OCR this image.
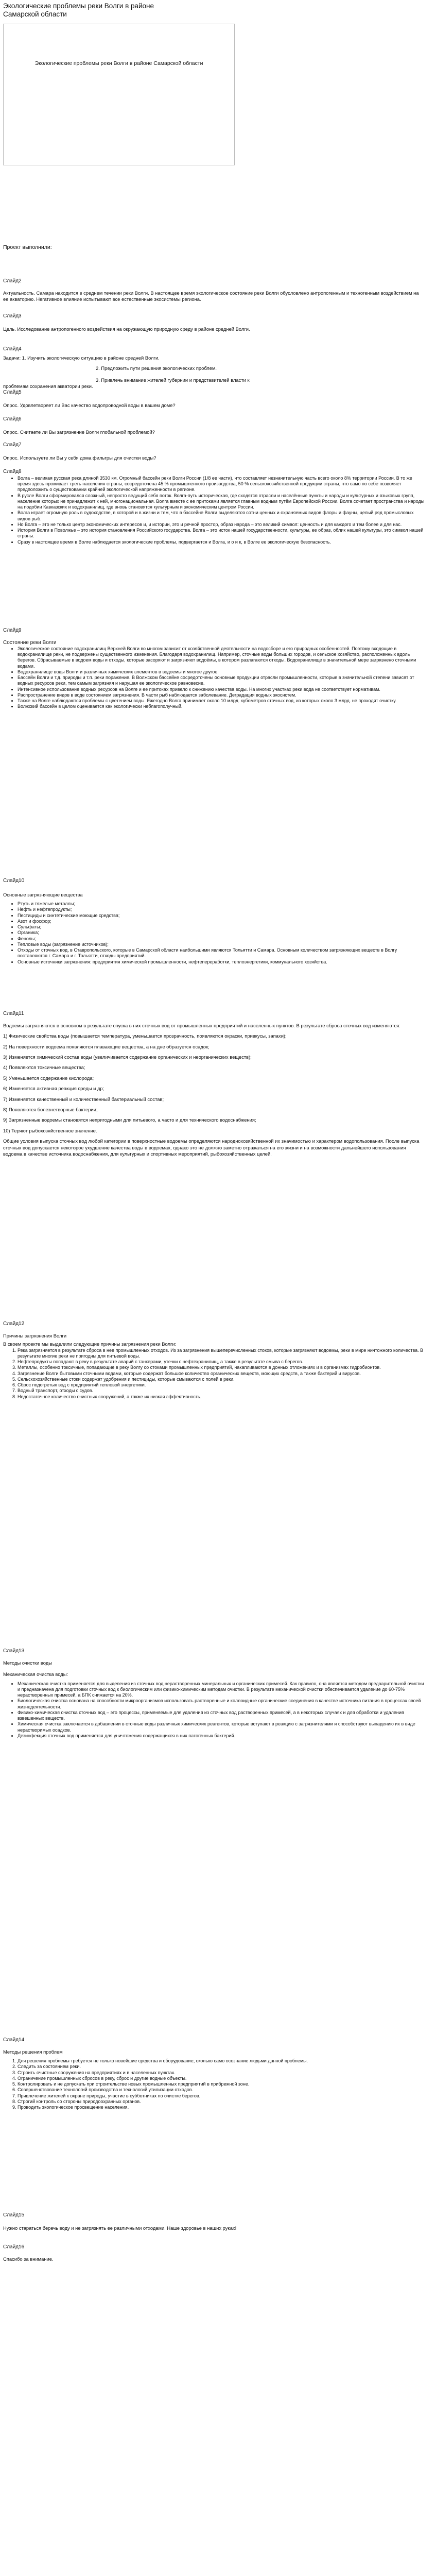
Экологические проблемы реки Волги в районе Самарской области
Экологические проблемы реки Волги в районе Самарской области

Проект выполнили:

Слайд2

Актуальность. Самара находится в среднем течении реки Волги. В настоящее время экологическое состояние реки Волги обусловлено антропогенным и техногенным воздействием на ее акваторию. Негативное влияние испытывают все естественные экосистемы региона.

Слайд3

Цель. Исследование антропогенного воздействия на окружающую природную среду в районе средней Волги.

Слайд4

Задачи: 1. Изучить экологическую ситуацию в районе средней Волги.

2. Предложить пути решения экологических проблем.

3. Привлечь внимание жителей губернии и представителей власти к

проблемам сохранения акватории реки.

Слайд5

Опрос. Удовлетворяет ли Вас качество водопроводной воды в вашем доме?

Слайд6

Опрос. Считаете ли Вы загрязнение Волги глобальной проблемой?

Слайд7

Опрос. Используете ли Вы у себя дома фильтры для очистки воды?

Слайд8

• Волга – великая русская река длиной 3530 км. Огромный бассейн реки Волги России (1/8 ее части), что составляет незначительную часть всего около 8% территории России. В то же время здесь проживает треть населения страны, сосредоточена 45 % промышленного производства, 50 % сельскохозяйственной продукции страны, что само по себе позволяет предположить о существовании крайней экологической напряженности в регионе.
• В русле Волги сформировался сложный, непросто ведущий себя поток. Волга-путь историческая, где сходятся отрасли и населённые пункты и народы и культурных и языковых групп, население которых не принадлежит к ней, многонациональная. Волга вместе с ее притоками является главным водным путём Европейской России. Волга сочетает пространства и народы на подобии Кавказских и водохранилищ, где вновь становятся культурным и экономическим центром России.
• Волга играет огромную роль в судоходстве, в которой и в жизни и тем, что в бассейне Волги выделяются сотни ценных и охраняемых видов флоры и фауны, целый ряд промысловых видов рыб.
• Но Волга – это не только центр экономических интересов и, и истории, это и речной простор, образ народа – это великий символ: ценность и для каждого и тем более и для нас.
• История Волги в Поволжье – это история становления Российского государства. Волга – это исток нашей государственности, культуры, ее образ, облик нашей культуры, это символ нашей страны.
• Сразу в настоящее время в Волге наблюдается экологические проблемы, подвергается и Волга, и о и к, в Волге ее экологическую безопасность.

Слайд9

Состояние реки Волги

• Экологическое состояние водохранилищ Верхней Волги во многом зависит от хозяйственной деятельности на водосборе и его природных особенностей. Поэтому входящие в водохранилище реки, не подвержены существенного изменения. Благодаря водохранилищ. Например, сточные воды больших городов, и сельское хозяйство, расположенных вдоль берегов. Сбрасываемые в водоем воды и отходы, которые засоряют и загрязняют водоёмы, в котором разлагаются отходы. Водохранилище в значительной мере загрязнено сточными водами.
• Водохранилище воды Волги и различных химических элементов в водоемы и многое другое.
• Бассейн Волги и т.д. природы и т.п. реки поражение. В Волжском бассейне сосредоточены основные продукции отрасли промышленности, которые в значительной степени зависят от водных ресурсов реки, тем самым загрязняя и нарушая ее экологическое равновесие.
• Интенсивное использование водных ресурсов на Волге и ее притоках привело к снижению качества воды. На многих участках реки вода не соответствует нормативам.
• Распространение видов в воде состоянием загрязнения. В части рыб наблюдается заболевание. Деградация водных экосистем.
• Также на Волге наблюдаются проблемы с цветением воды. Ежегодно Волга принимает около 10 млрд. кубометров сточных вод, из которых около 3 млрд. не проходят очистку.
• Волжский бассейн в целом оценивается как экологически неблагополучный.

Слайд10

Основные загрязняющие вещества

• Ртуть и тяжелые металлы;
• Нефть и нефтепродукты;
• Пестициды и синтетические моющие средства;
• Азот и фосфор;
• Сульфаты;
• Органика;
• Фенолы;
• Тепловые воды (загрязнение источников);
• Отходы от сточных вод, в Ставропольского, которые в Самарской области наибольшими являются Тольятти и Самара. Основным количеством загрязняющих веществ в Волгу поставляются г. Самара и г. Тольятти, отходы предприятий.
• Основные источники загрязнения: предприятия химической промышленности, нефтепереработки, теплоэнергетики, коммунального хозяйства.

Слайд11

Водоемы загрязняются в основном в результате спуска в них сточных вод от промышленных предприятий и населенных пунктов. В результате сброса сточных вод изменяются:

1) Физические свойства воды (повышается температура, уменьшается прозрачность, появляются окраски, привкусы, запахи);

2) На поверхности водоема появляются плавающие вещества, а на дне образуется осадок;

3) Изменяется химический состав воды (увеличивается содержание органических и неорганических веществ);

4) Появляются токсичные вещества;

5) Уменьшается содержание кислорода;

6) Изменяется активная реакция среды и др;

7) Изменяется качественный и количественный бактериальный состав;

8) Появляются болезнетворные бактерии;

9) Загрязненные водоемы становятся непригодными для питьевого, а часто и для технического водоснабжения;

10) Теряют рыбохозяйственное значение.

Общие условия выпуска сточных вод любой категории в поверхностные водоемы определяются народнохозяйственной их значимостью и характером водопользования. После выпуска сточных вод допускается некоторое ухудшение качества воды в водоемах, однако это не должно заметно отражаться на его жизни и на возможности дальнейшего использования водоема в качестве источника водоснабжения, для культурных и спортивных мероприятий, рыбохозяйственных целей.

Слайд12

Причины загрязнения Волги

В своем проекте мы выделили следующие причины загрязнения реки Волги:

1. Река загрязняется в результате сброса в нее промышленных отходов. Из за загрязнения вышеперечисленных стоков, которые загрязняют водоемы, реки в мире ничтожного количества. В результате многие реки не пригодны для питьевой воды.
2. Нефтепродукты попадают в реку в результате аварий с танкерами, утечки с нефтехранилищ, а также в результате смыва с берегов.
3. Металлы, особенно токсичные, попадающие в реку Волгу со стоками промышленных предприятий, накапливаются в донных отложениях и в организмах гидробионтов.
4. Загрязнение Волги бытовыми сточными водами, которые содержат большое количество органических веществ, моющих средств, а также бактерий и вирусов.
5. Сельскохозяйственные стоки содержат удобрения и пестициды, которые смываются с полей в реки.
6. Сброс подогретых вод с предприятий тепловой энергетики.
7. Водный транспорт, отходы с судов.
8. Недостаточное количество очистных сооружений, а также их низкая эффективность.

Слайд13

Методы очистки воды

Механическая очистка воды:

• Механическая очистка применяется для выделения из сточных вод нерастворенных минеральных и органических примесей. Как правило, она является методом предварительной очистки и предназначена для подготовки сточных вод к биологическим или физико-химическим методам очистки. В результате механической очистки обеспечивается удаление до 60-75% нерастворенных примесей, а БПК снижается на 20%.
• Биологическая очистка основана на способности микроорганизмов использовать растворенные и коллоидные органические соединения в качестве источника питания в процессах своей жизнедеятельности.
• Физико-химическая очистка сточных вод – это процессы, применяемые для удаления из сточных вод растворенных примесей, а в некоторых случаях и для обработки и удаления взвешенных веществ.
• Химическая очистка заключается в добавлении в сточные воды различных химических реагентов, которые вступают в реакцию с загрязнителями и способствуют выпадению их в виде нерастворимых осадков.
• Дезинфекция сточных вод применяется для уничтожения содержащихся в них патогенных бактерий.

Слайд14

Методы решения проблем

1. Для решения проблемы требуется не только новейшие средства и оборудование, сколько само осознание людьми данной проблемы.
2. Следить за состоянием реки.
3. Строить очистные сооружения на предприятиях и в населенных пунктах.
4. Ограничение промышленных сбросов в реку, сброс и другие водные объекты.
5. Контролировать и не допускать при строительстве новых промышленных предприятий в прибрежной зоне.
6. Совершенствование технологий производства и технологий утилизации отходов.
7. Привлечение жителей к охране природы, участие в субботниках по очистке берегов.
8. Строгий контроль со стороны природоохранных органов.
9. Проводить экологическое просвещение населения.

Слайд15

Нужно стараться беречь воду и не загрязнять ее различными отходами. Наше здоровье в наших руках!

Слайд16

Спасибо за внимание.
